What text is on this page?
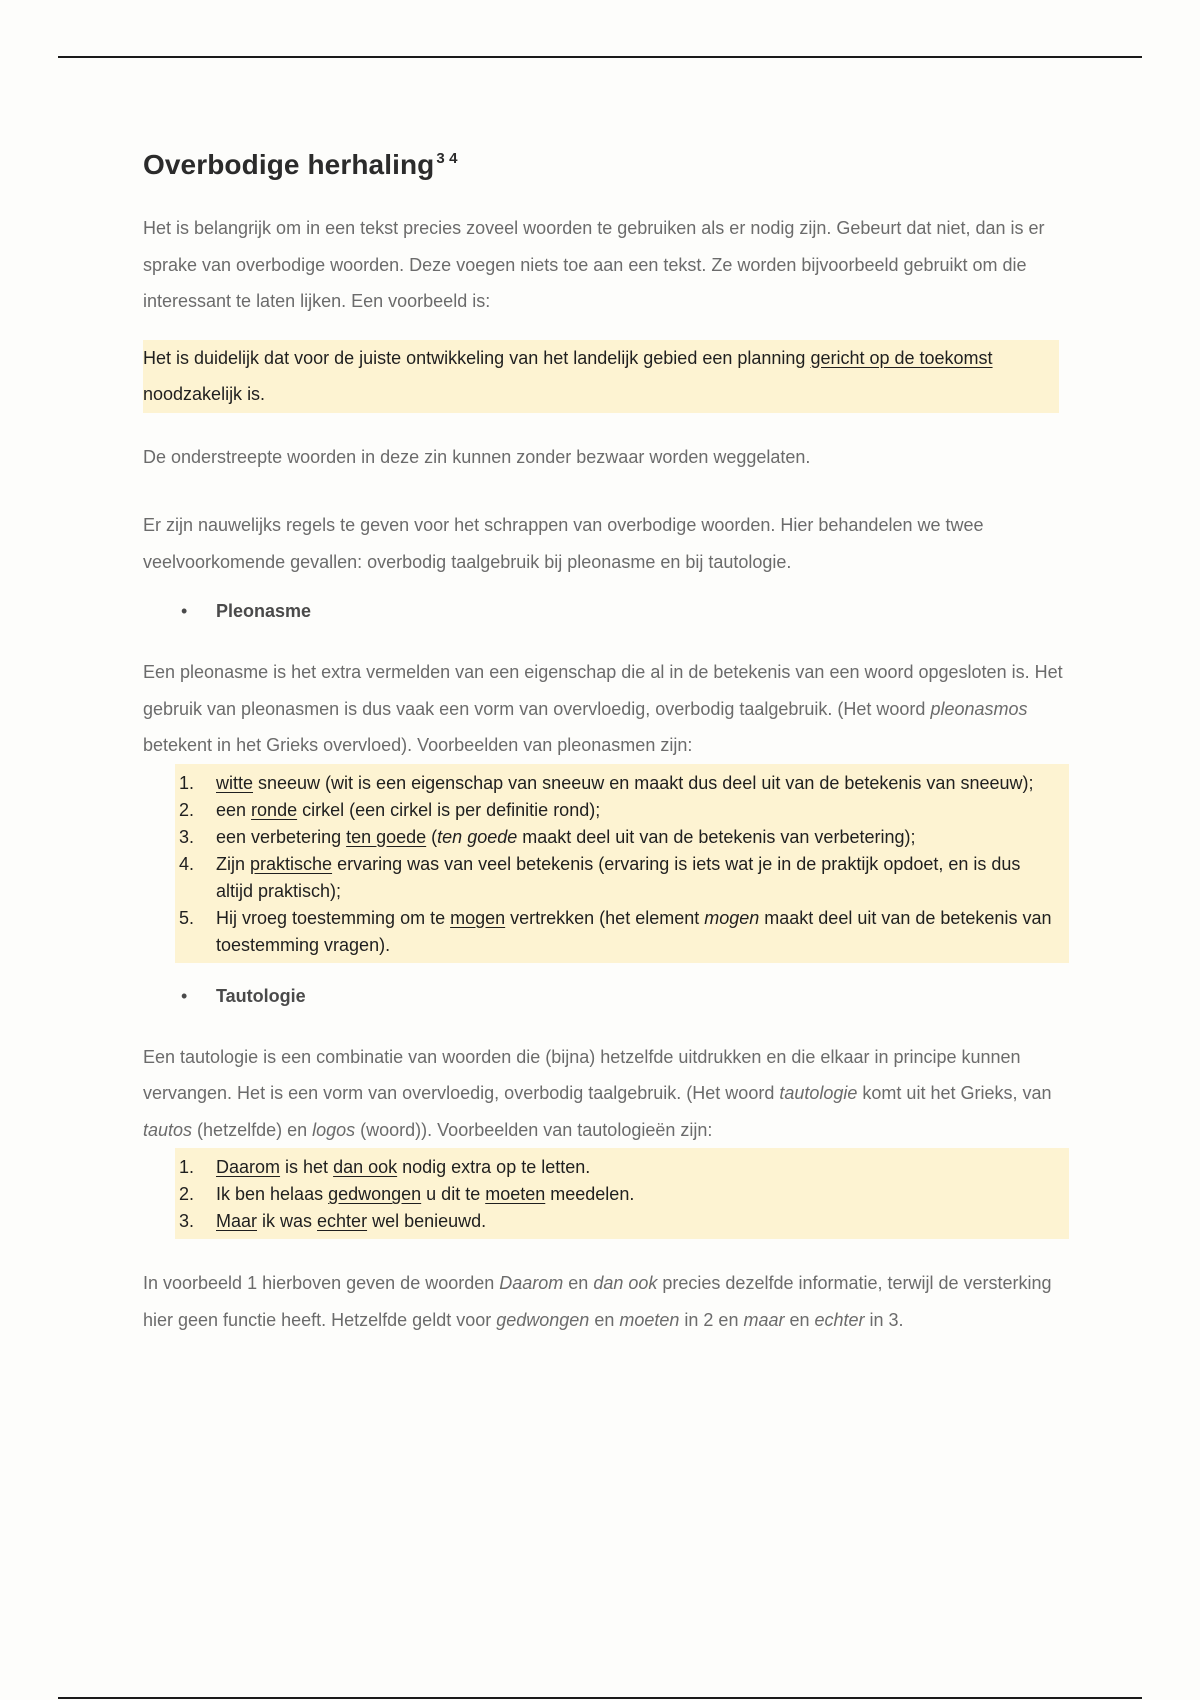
Overbodige herhaling $^{3 4}$

Het is belangrijk om in een tekst precies zoveel woorden te gebruiken als er nodig zijn. Gebeurt dat niet, dan is er sprake van overbodige woorden. Deze voegen niets toe aan een tekst. Ze worden bijvoorbeeld gebruikt om die interessant te laten lijken. Een voorbeeld is:

Het is duidelijk dat voor de juiste ontwikkeling van het landelijk gebied een planning gericht op de toekomst noodzakelijk is.

De onderstreepte woorden in deze zin kunnen zonder bezwaar worden weggelaten.

Er zijn nauwelijks regels te geven voor het schrappen van overbodige woorden. Hier behandelen we twee veelvoorkomende gevallen: overbodig taalgebruik bij pleonasme en bij tautologie.

• Pleonasme

Een pleonasme is het extra vermelden van een eigenschap die al in de betekenis van een woord opgesloten is. Het gebruik van pleonasmen is dus vaak een vorm van overvloedig, overbodig taalgebruik. (Het woord pleonasmos betekent in het Grieks overvloed). Voorbeelden van pleonasmen zijn:

1. witte sneeuw (wit is een eigenschap van sneeuw en maakt dus deel uit van de betekenis van sneeuw);
2. een ronde cirkel (een cirkel is per definitie rond);
3. een verbetering ten goede (ten goede maakt deel uit van de betekenis van verbetering);
4. Zijn praktische ervaring was van veel betekenis (ervaring is iets wat je in de praktijk opdoet, en is dus altijd praktisch);
5. Hij vroeg toestemming om te mogen vertrekken (het element mogen maakt deel uit van de betekenis van toestemming vragen).
• Tautologie

Een tautologie is een combinatie van woorden die (bijna) hetzelfde uitdrukken en die elkaar in principe kunnen vervangen. Het is een vorm van overvloedig, overbodig taalgebruik. (Het woord tautologie komt uit het Grieks, van tautos (hetzelfde) en logos (woord)). Voorbeelden van tautologieën zijn:

1. Daarom is het dan ook nodig extra op te letten.
2. Ik ben helaas gedwongen u dit te moeten meedelen.
3. Maar ik was echter wel benieuwd.

In voorbeeld 1 hierboven geven de woorden Daarom en dan ook precies dezelfde informatie, terwijl de versterking hier geen functie heeft. Hetzelfde geldt voor gedwongen en moeten in 2 en maar en echter in 3.
